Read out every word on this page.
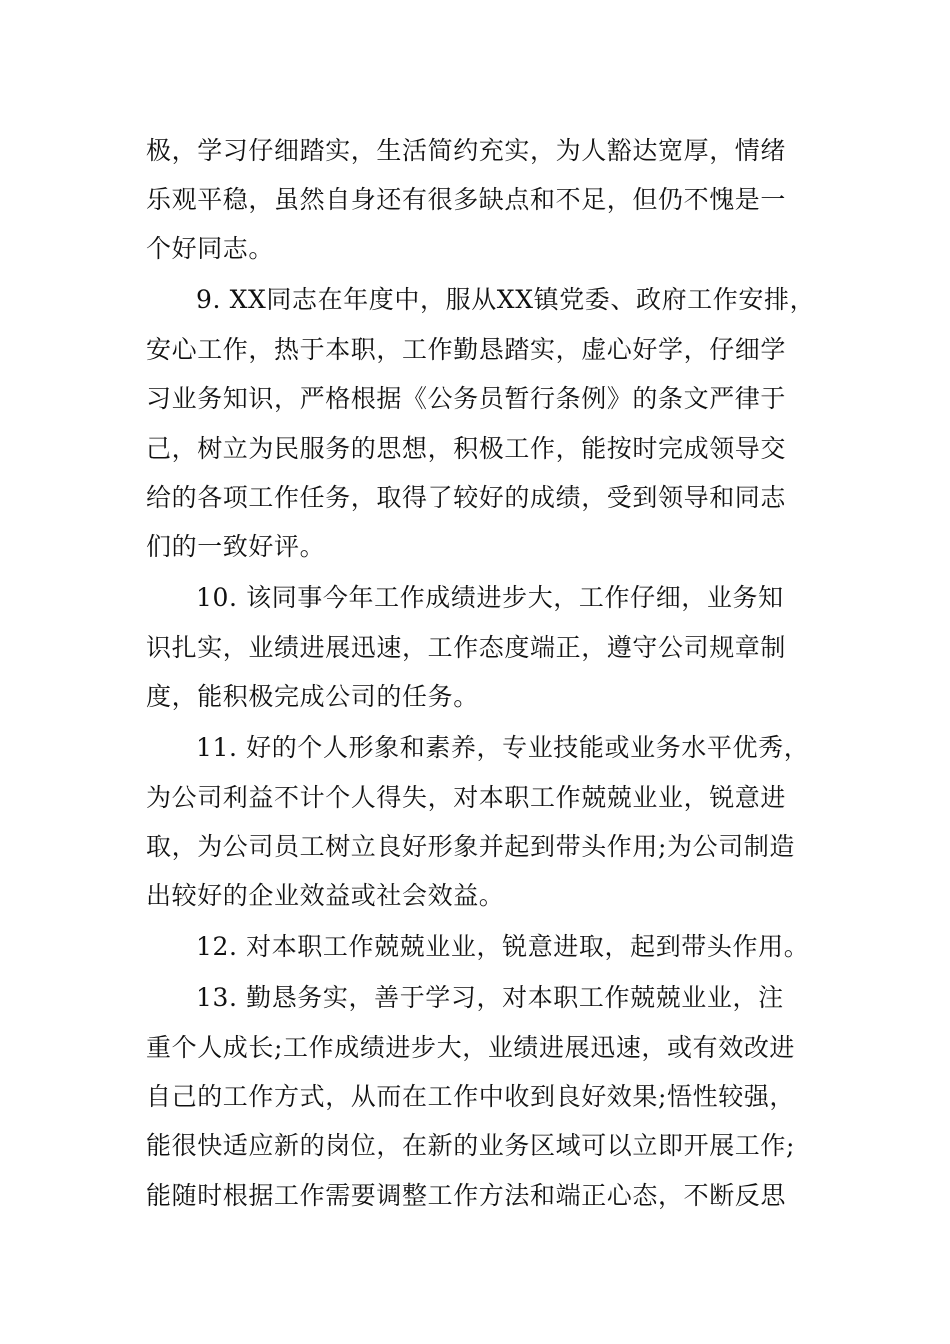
极，学习仔细踏实，生活简约充实，为人豁达宽厚，情绪
乐观平稳，虽然自身还有很多缺点和不足，但仍不愧是一
个好同志。
9. XX同志在年度中，服从XX镇党委、政府工作安排，
安心工作，热于本职，工作勤恳踏实，虚心好学，仔细学
习业务知识，严格根据《公务员暂行条例》的条文严律于
己，树立为民服务的思想，积极工作，能按时完成领导交
给的各项工作任务，取得了较好的成绩，受到领导和同志
们的一致好评。
10. 该同事今年工作成绩进步大，工作仔细，业务知
识扎实，业绩进展迅速，工作态度端正，遵守公司规章制
度，能积极完成公司的任务。
11. 好的个人形象和素养，专业技能或业务水平优秀，
为公司利益不计个人得失，对本职工作兢兢业业，锐意进
取，为公司员工树立良好形象并起到带头作用;为公司制造
出较好的企业效益或社会效益。
12. 对本职工作兢兢业业，锐意进取，起到带头作用。
13. 勤恳务实，善于学习，对本职工作兢兢业业，注
重个人成长;工作成绩进步大，业绩进展迅速，或有效改进
自己的工作方式，从而在工作中收到良好效果;悟性较强，
能很快适应新的岗位，在新的业务区域可以立即开展工作;
能随时根据工作需要调整工作方法和端正心态，不断反思
